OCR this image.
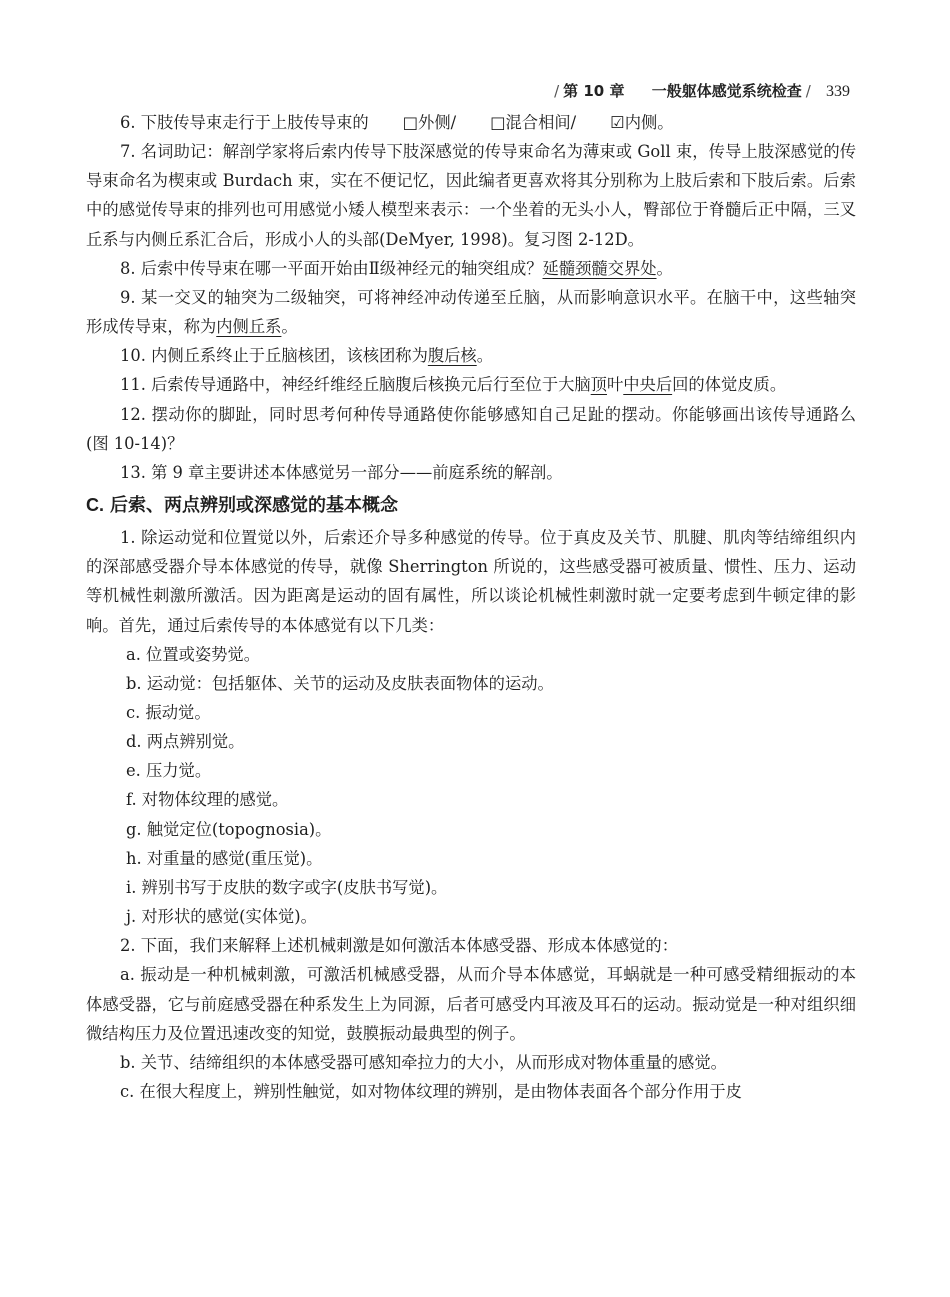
/ 第 10 章 一般躯体感觉系统检查 / 339

6. 下肢传导束走行于上肢传导束的 □外侧/ □混合相间/ ☑内侧。

7. 名词助记：解剖学家将后索内传导下肢深感觉的传导束命名为薄束或 Goll 束，传导上肢深感觉的传导束命名为楔束或 Burdach 束，实在不便记忆，因此编者更喜欢将其分别称为上肢后索和下肢后索。后索中的感觉传导束的排列也可用感觉小矮人模型来表示：一个坐着的无头小人，臀部位于脊髓后正中隔，三叉丘系与内侧丘系汇合后，形成小人的头部(DeMyer, 1998)。复习图 2-12D。

8. 后索中传导束在哪一平面开始由Ⅱ级神经元的轴突组成？延髓颈髓交界处。

9. 某一交叉的轴突为二级轴突，可将神经冲动传递至丘脑，从而影响意识水平。在脑干中，这些轴突形成传导束，称为内侧丘系。

10. 内侧丘系终止于丘脑核团，该核团称为腹后核。

11. 后索传导通路中，神经纤维经丘脑腹后核换元后行至位于大脑顶叶中央后回的体觉皮质。

12. 摆动你的脚趾，同时思考何种传导通路使你能够感知自己足趾的摆动。你能够画出该传导通路么(图 10-14)？

13. 第 9 章主要讲述本体感觉另一部分——前庭系统的解剖。

C. 后索、两点辨别或深感觉的基本概念

1. 除运动觉和位置觉以外，后索还介导多种感觉的传导。位于真皮及关节、肌腱、肌肉等结缔组织内的深部感受器介导本体感觉的传导，就像 Sherrington 所说的，这些感受器可被质量、惯性、压力、运动等机械性刺激所激活。因为距离是运动的固有属性，所以谈论机械性刺激时就一定要考虑到牛顿定律的影响。首先，通过后索传导的本体感觉有以下几类：

a. 位置或姿势觉。

b. 运动觉：包括躯体、关节的运动及皮肤表面物体的运动。

c. 振动觉。

d. 两点辨别觉。

e. 压力觉。

f. 对物体纹理的感觉。

g. 触觉定位(topognosia)。

h. 对重量的感觉(重压觉)。

i. 辨别书写于皮肤的数字或字(皮肤书写觉)。

j. 对形状的感觉(实体觉)。

2. 下面，我们来解释上述机械刺激是如何激活本体感受器、形成本体感觉的：

a. 振动是一种机械刺激，可激活机械感受器，从而介导本体感觉，耳蜗就是一种可感受精细振动的本体感受器，它与前庭感受器在种系发生上为同源，后者可感受内耳液及耳石的运动。振动觉是一种对组织细微结构压力及位置迅速改变的知觉，鼓膜振动最典型的例子。

b. 关节、结缔组织的本体感受器可感知牵拉力的大小，从而形成对物体重量的感觉。

c. 在很大程度上，辨别性触觉，如对物体纹理的辨别，是由物体表面各个部分作用于皮
